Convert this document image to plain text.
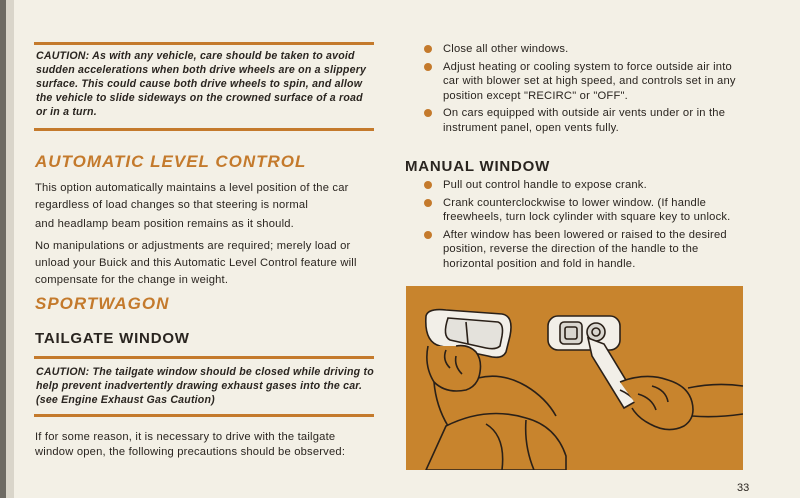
CAUTION: As with any vehicle, care should be taken to avoid sudden accelerations when both drive wheels are on a slippery surface. This could cause both drive wheels to spin, and allow the vehicle to slide sideways on the crowned surface of a road or in a turn.
AUTOMATIC LEVEL CONTROL
This option automatically maintains a level position of the car regardless of load changes so that steering is normal
and headlamp beam position remains as it should.
No manipulations or adjustments are required; merely load or unload your Buick and this Automatic Level Control feature will compensate for the change in weight.
SPORTWAGON
TAILGATE WINDOW
CAUTION: The tailgate window should be closed while driving to help prevent inadvertently drawing exhaust gases into the car. (see Engine Exhaust Gas Caution)
If for some reason, it is necessary to drive with the tailgate window open, the following precautions should be observed:
Close all other windows.
Adjust heating or cooling system to force outside air into car with blower set at high speed, and controls set in any position except "RECIRC" or "OFF".
On cars equipped with outside air vents under or in the instrument panel, open vents fully.
MANUAL WINDOW
Pull out control handle to expose crank.
Crank counterclockwise to lower window. (If handle freewheels, turn lock cylinder with square key to unlock.
After window has been lowered or raised to the desired position, reverse the direction of the handle to the horizontal position and fold in handle.
33
